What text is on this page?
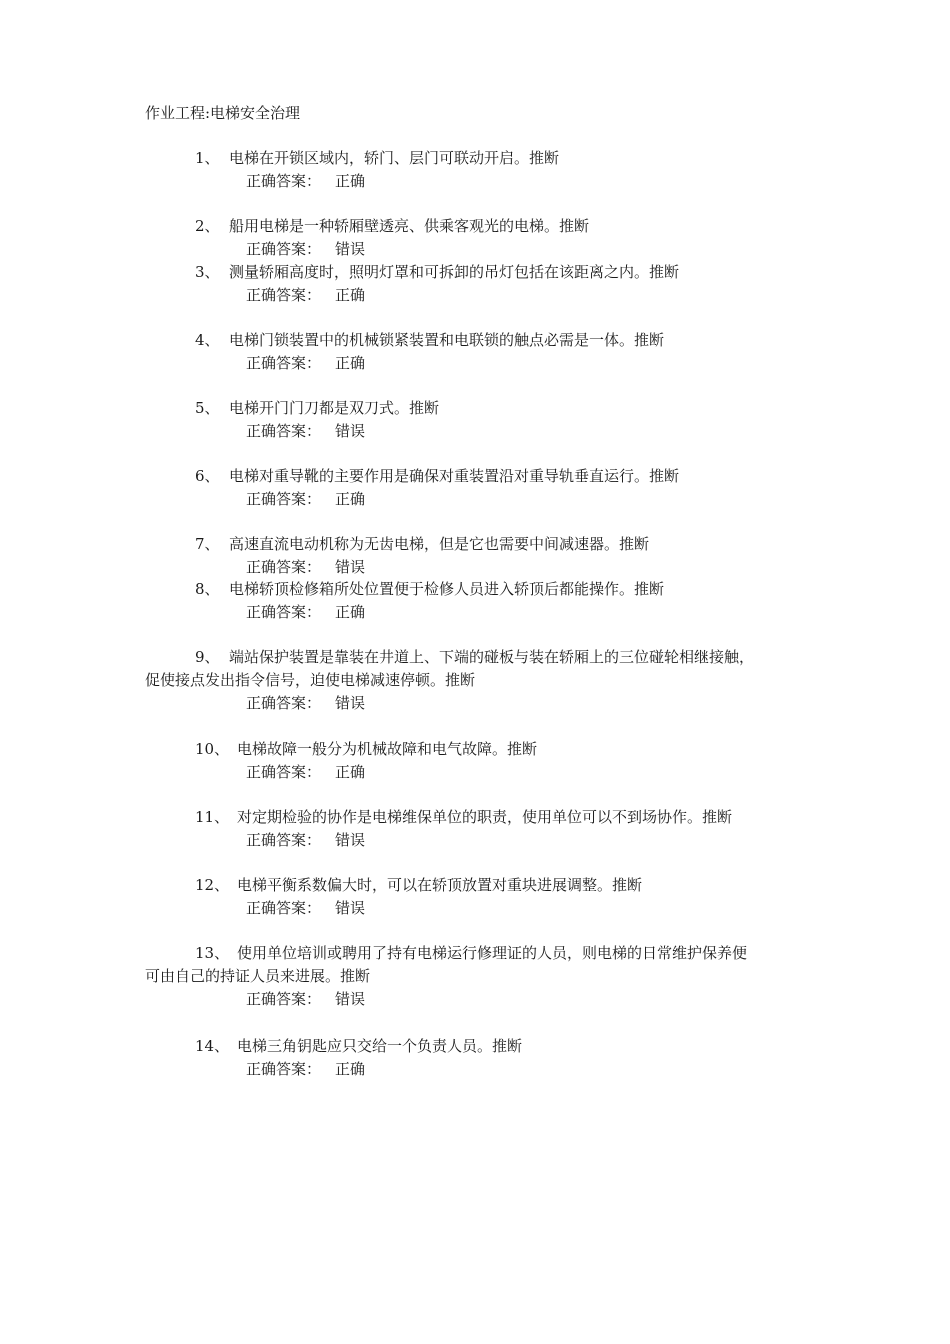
作业工程:电梯安全治理
1、 电梯在开锁区域内，轿门、层门可联动开启。推断
正确答案： 正确
2、 船用电梯是一种轿厢壁透亮、供乘客观光的电梯。推断
正确答案： 错误
3、 测量轿厢高度时，照明灯罩和可拆卸的吊灯包括在该距离之内。推断
正确答案： 正确
4、 电梯门锁装置中的机械锁紧装置和电联锁的触点必需是一体。推断
正确答案： 正确
5、 电梯开门门刀都是双刀式。推断
正确答案： 错误
6、 电梯对重导靴的主要作用是确保对重装置沿对重导轨垂直运行。推断
正确答案： 正确
7、 高速直流电动机称为无齿电梯，但是它也需要中间减速器。推断
正确答案： 错误
8、 电梯轿顶检修箱所处位置便于检修人员进入轿顶后都能操作。推断
正确答案： 正确
9、 端站保护装置是靠装在井道上、下端的碰板与装在轿厢上的三位碰轮相继接触，
促使接点发出指令信号，迫使电梯减速停顿。推断
正确答案： 错误
10、 电梯故障一般分为机械故障和电气故障。推断
正确答案： 正确
11、 对定期检验的协作是电梯维保单位的职责，使用单位可以不到场协作。推断
正确答案： 错误
12、 电梯平衡系数偏大时，可以在轿顶放置对重块进展调整。推断
正确答案： 错误
13、 使用单位培训或聘用了持有电梯运行修理证的人员，则电梯的日常维护保养便
可由自己的持证人员来进展。推断
正确答案： 错误
14、 电梯三角钥匙应只交给一个负责人员。推断
正确答案： 正确
